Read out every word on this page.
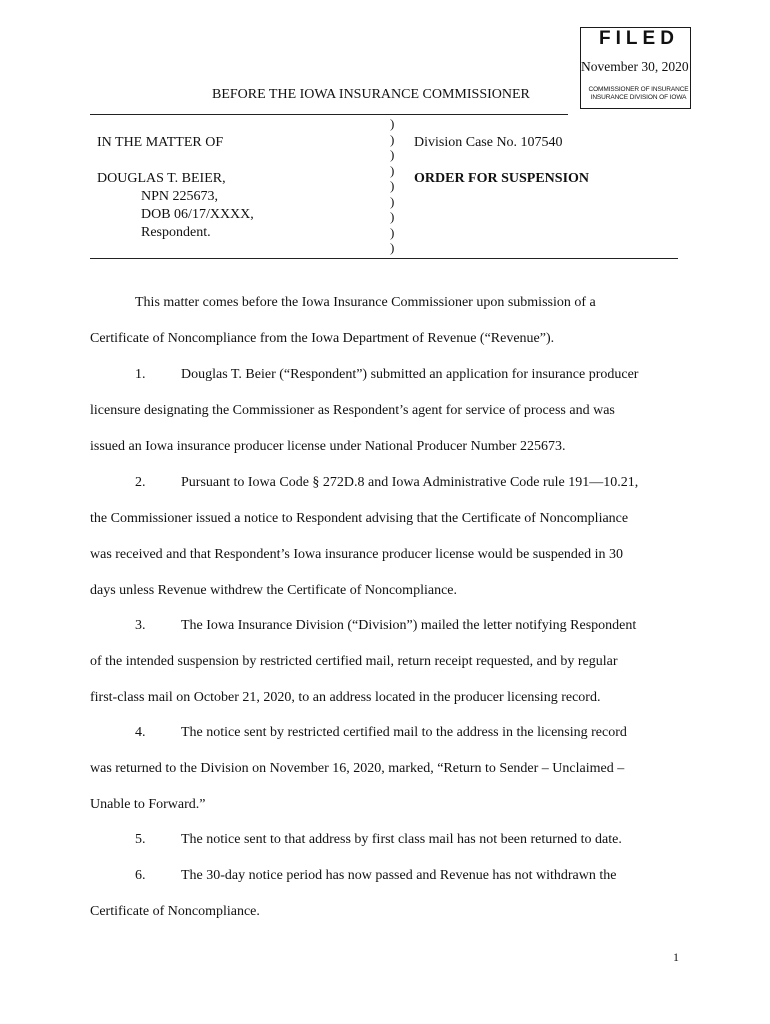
FILED
November 30, 2020
COMMISSIONER OF INSURANCE
INSURANCE DIVISION OF IOWA
BEFORE THE IOWA INSURANCE COMMISSIONER
IN THE MATTER OF
DOUGLAS T. BEIER,
NPN 225673,
DOB 06/17/XXXX,
Respondent.
)
)
)
)
)
)
)
)
)
Division Case No. 107540
ORDER FOR SUSPENSION
This matter comes before the Iowa Insurance Commissioner upon submission of a
Certificate of Noncompliance from the Iowa Department of Revenue (“Revenue”).
1.	Douglas T. Beier (“Respondent”) submitted an application for insurance producer
licensure designating the Commissioner as Respondent’s agent for service of process and was
issued an Iowa insurance producer license under National Producer Number 225673.
2.	Pursuant to Iowa Code § 272D.8 and Iowa Administrative Code rule 191—10.21,
the Commissioner issued a notice to Respondent advising that the Certificate of Noncompliance
was received and that Respondent’s Iowa insurance producer license would be suspended in 30
days unless Revenue withdrew the Certificate of Noncompliance.
3.	The Iowa Insurance Division (“Division”) mailed the letter notifying Respondent
of the intended suspension by restricted certified mail, return receipt requested, and by regular
first-class mail on October 21, 2020, to an address located in the producer licensing record.
4.	The notice sent by restricted certified mail to the address in the licensing record
was returned to the Division on November 16, 2020, marked, “Return to Sender – Unclaimed –
Unable to Forward.”
5.	The notice sent to that address by first class mail has not been returned to date.
6.	The 30-day notice period has now passed and Revenue has not withdrawn the
Certificate of Noncompliance.
1
